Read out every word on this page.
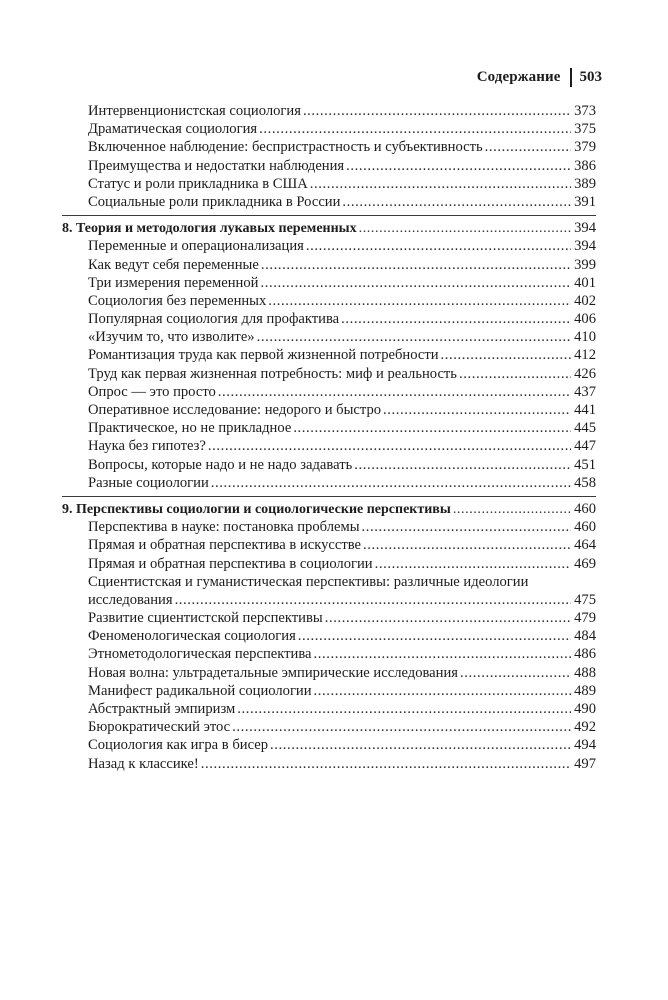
Содержание 503
Интервенционистская социология .....	373
Драматическая социология .....	375
Включенное наблюдение: беспристрастность и субъективность .....	379
Преимущества и недостатки наблюдения .....	386
Статус и роли прикладника в США .....	389
Социальные роли прикладника в России .....	391
8. Теория и методология лукавых переменных .....	394
Переменные и операционализация .....	394
Как ведут себя переменные .....	399
Три измерения переменной .....	401
Социология без переменных .....	402
Популярная социология для профактива .....	406
«Изучим то, что изволите» .....	410
Романтизация труда как первой жизненной потребности .....	412
Труд как первая жизненная потребность: миф и реальность .....	426
Опрос — это просто .....	437
Оперативное исследование: недорого и быстро .....	441
Практическое, но не прикладное .....	445
Наука без гипотез? .....	447
Вопросы, которые надо и не надо задавать .....	451
Разные социологии .....	458
9. Перспективы социологии и социологические перспективы .....	460
Перспектива в науке: постановка проблемы .....	460
Прямая и обратная перспектива в искусстве .....	464
Прямая и обратная перспектива в социологии .....	469
Сциентистская и гуманистическая перспективы: различные идеологии
исследования .....	475
Развитие сциентистской перспективы .....	479
Феноменологическая социология .....	484
Этнометодологическая перспектива .....	486
Новая волна: ультрадетальные эмпирические исследования .....	488
Манифест радикальной социологии .....	489
Абстрактный эмпиризм .....	490
Бюрократический этос .....	492
Социология как игра в бисер .....	494
Назад к классике! .....	497
